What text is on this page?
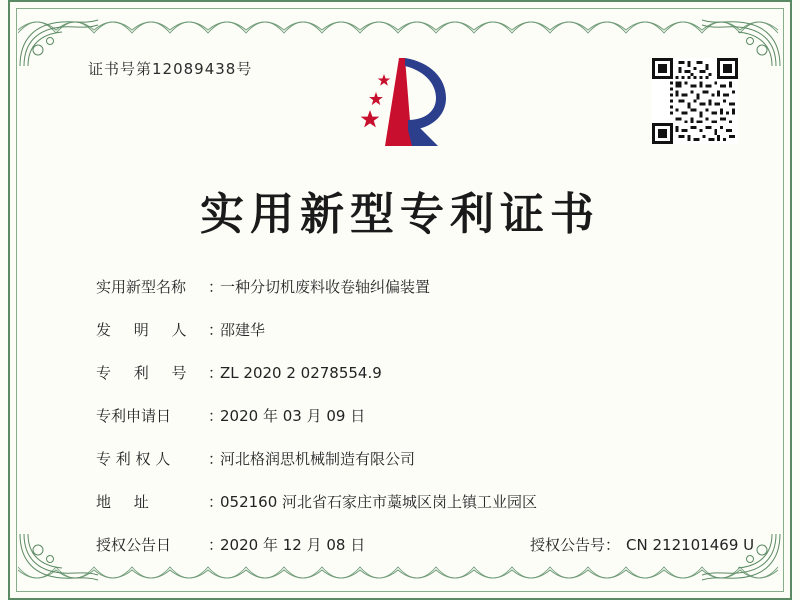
证书号第12089438号
实用新型专利证书
实用新型名称	：
一种分切机废料收卷轴纠偏装置
发 明 人 ：
邵建华
专 利 号 ：
ZL 2020 2 0278554.9
专利申请日	：
2020 年 03 月 09 日
专 利 权 人	：
河北格润思机械制造有限公司
地 址	：
052160 河北省石家庄市藁城区岗上镇工业园区
授权公告日	：
2020 年 12 月 08 日	授权公告号： CN 212101469 U
